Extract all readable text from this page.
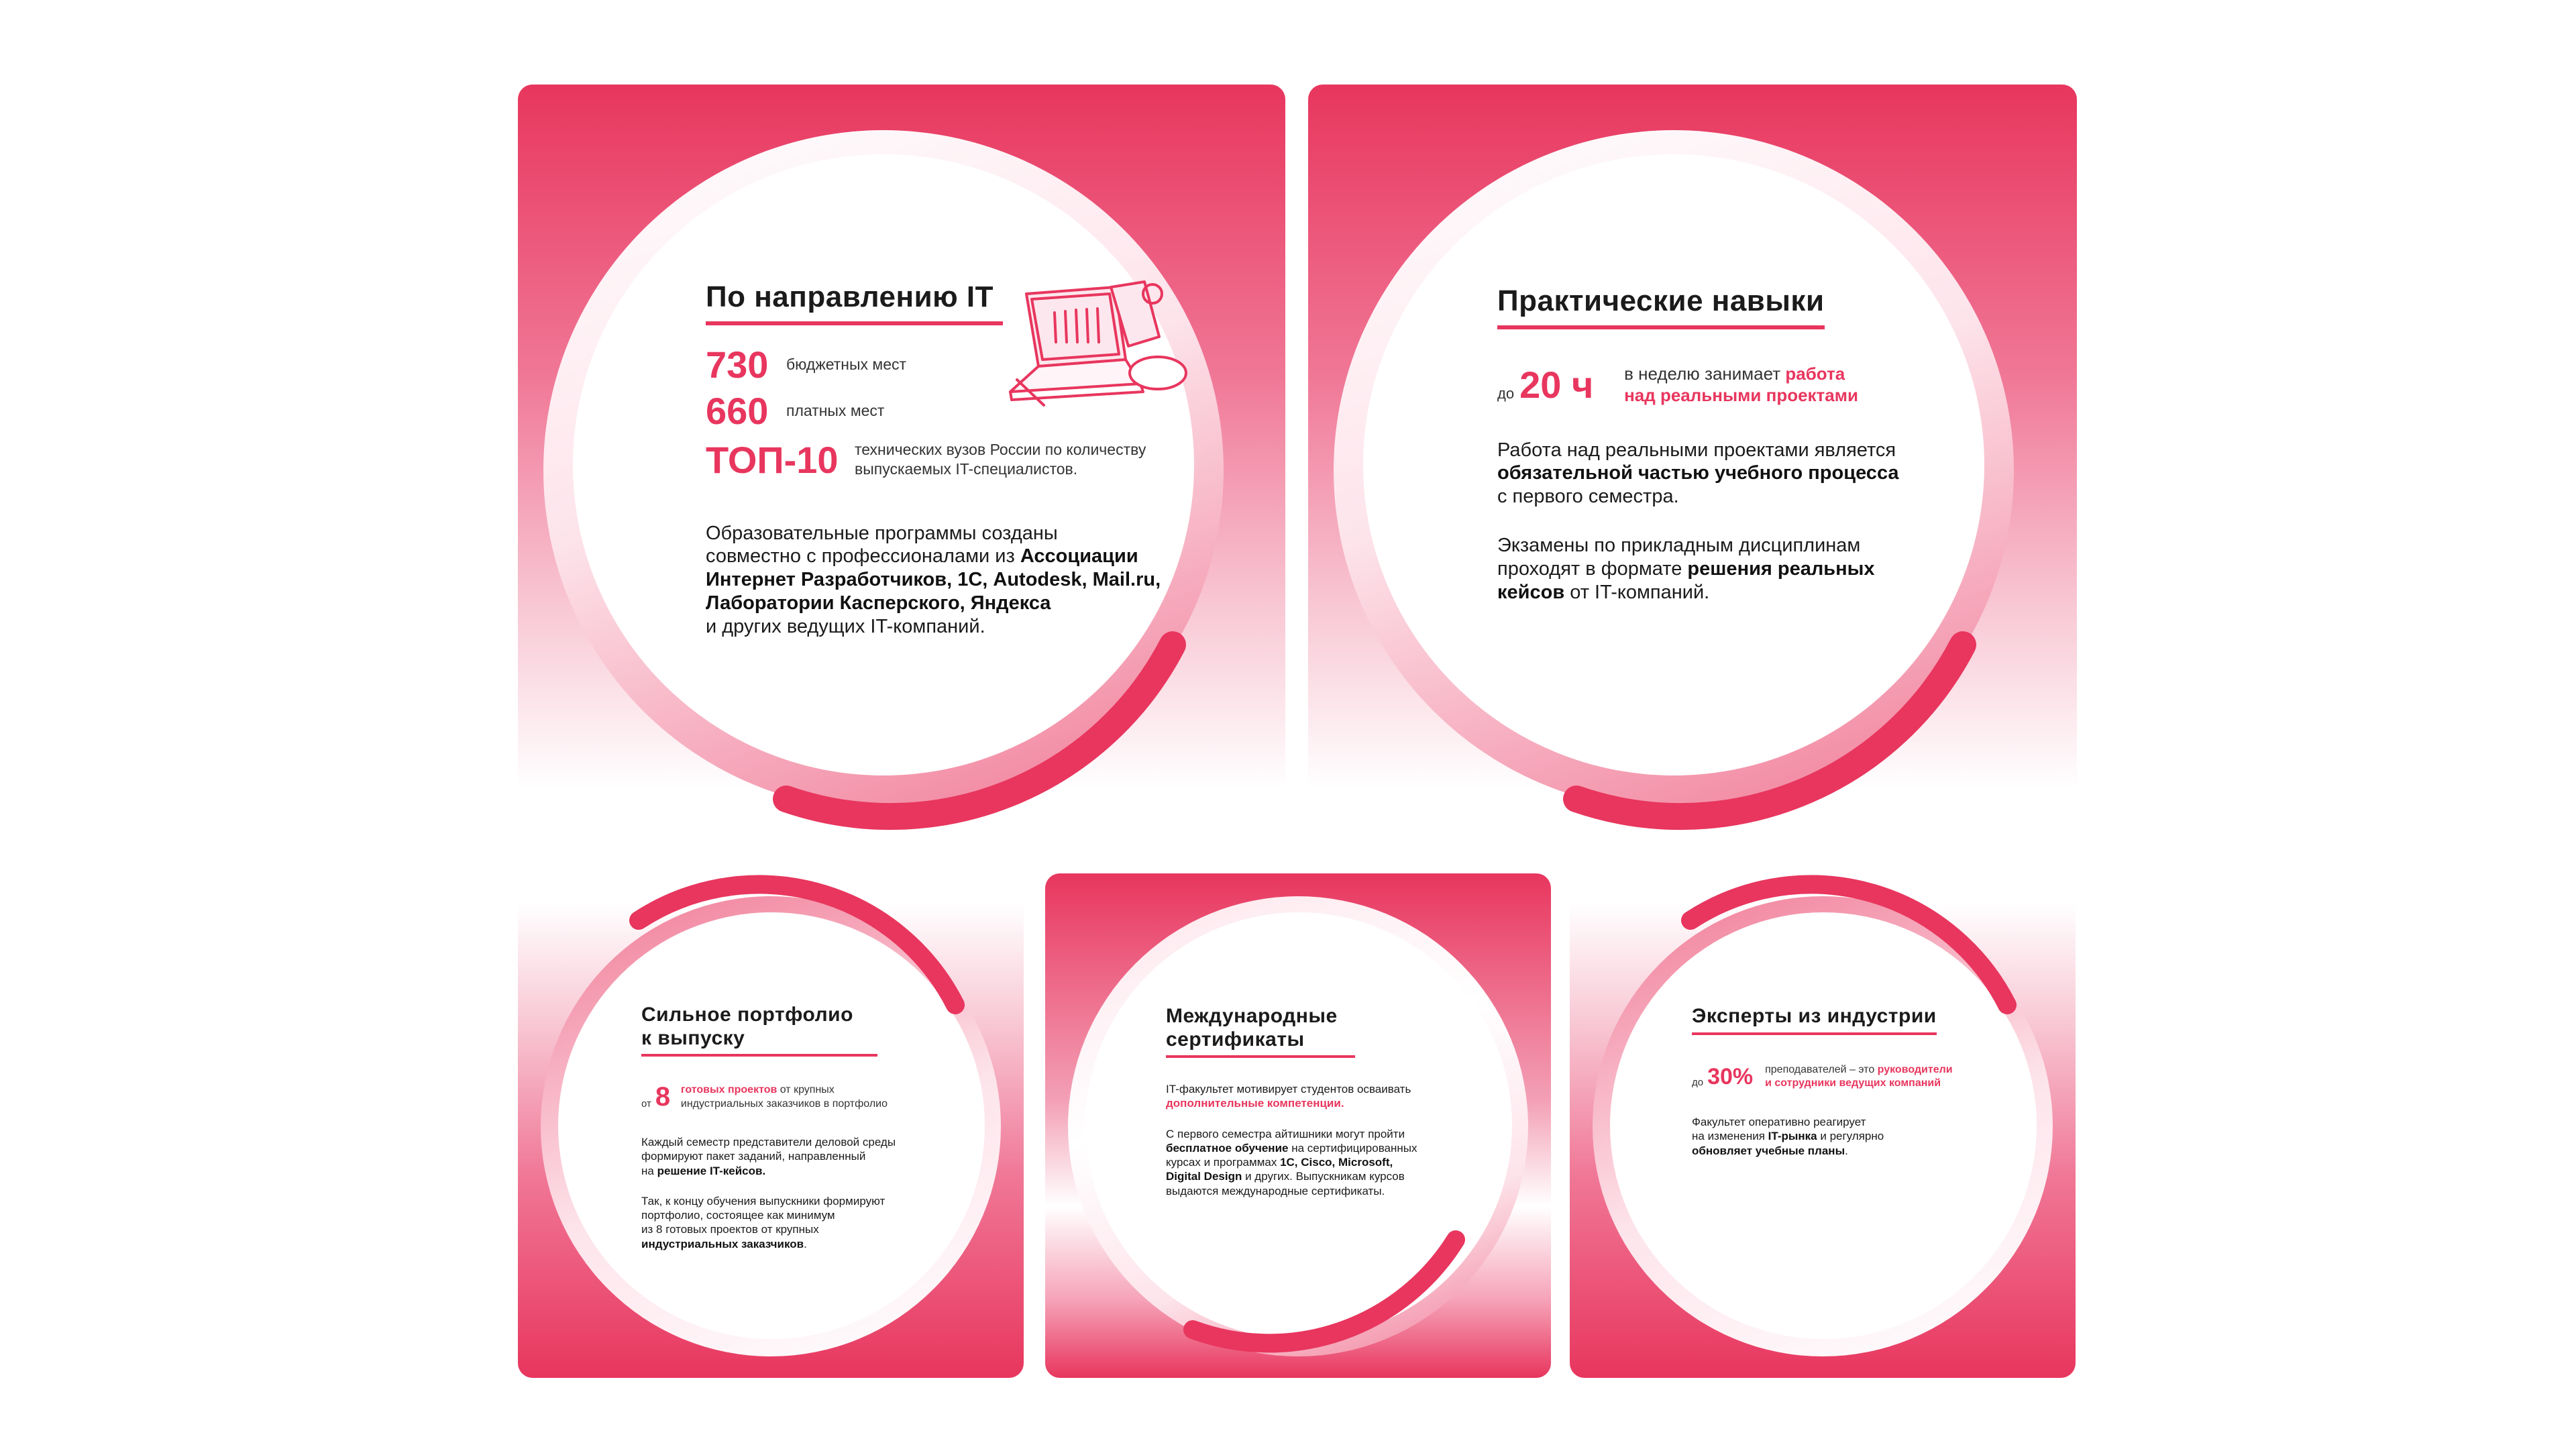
По направлению IT
730	бюджетных мест
660	платных мест
ТОП-10	технических вузов России по количеству
выпускаемых IT-специалистов.

Образовательные программы созданы

совместно с профессионалами из Ассоциации

Интернет Разработчиков, 1С, Autodesk, Mail.ru,

Лаборатории Касперского, Яндекса

и других ведущих IT-компаний.

Практические навыки
до 20 ч	в неделю занимает работа
над реальными проектами

Работа над реальными проектами является

обязательной частью учебного процесса

с первого семестра.

Экзамены по прикладным дисциплинам

проходят в формате решения реальных

кейсов от IT-компаний.

Сильное портфолио
к выпуску
от 8 готовых проектов от крупных
индустриальных заказчиков в портфолио

Каждый семестр представители деловой среды

формируют пакет заданий, направленный

на решение IT-кейсов.

Так, к концу обучения выпускники формируют

портфолио, состоящее как минимум

из 8 готовых проектов от крупных

индустриальных заказчиков.

Международные
сертификаты

IT-факультет мотивирует студентов осваивать

дополнительные компетенции.

С первого семестра айтишники могут пройти

бесплатное обучение на сертифицированных

курсах и программах 1С, Cisco, Microsoft,

Digital Design и других. Выпускникам курсов

выдаются международные сертификаты.

Эксперты из индустрии
до 30%	преподавателей – это руководители
и сотрудники ведущих компаний

Факультет оперативно реагирует

на изменения IT-рынка и регулярно

обновляет учебные планы.
